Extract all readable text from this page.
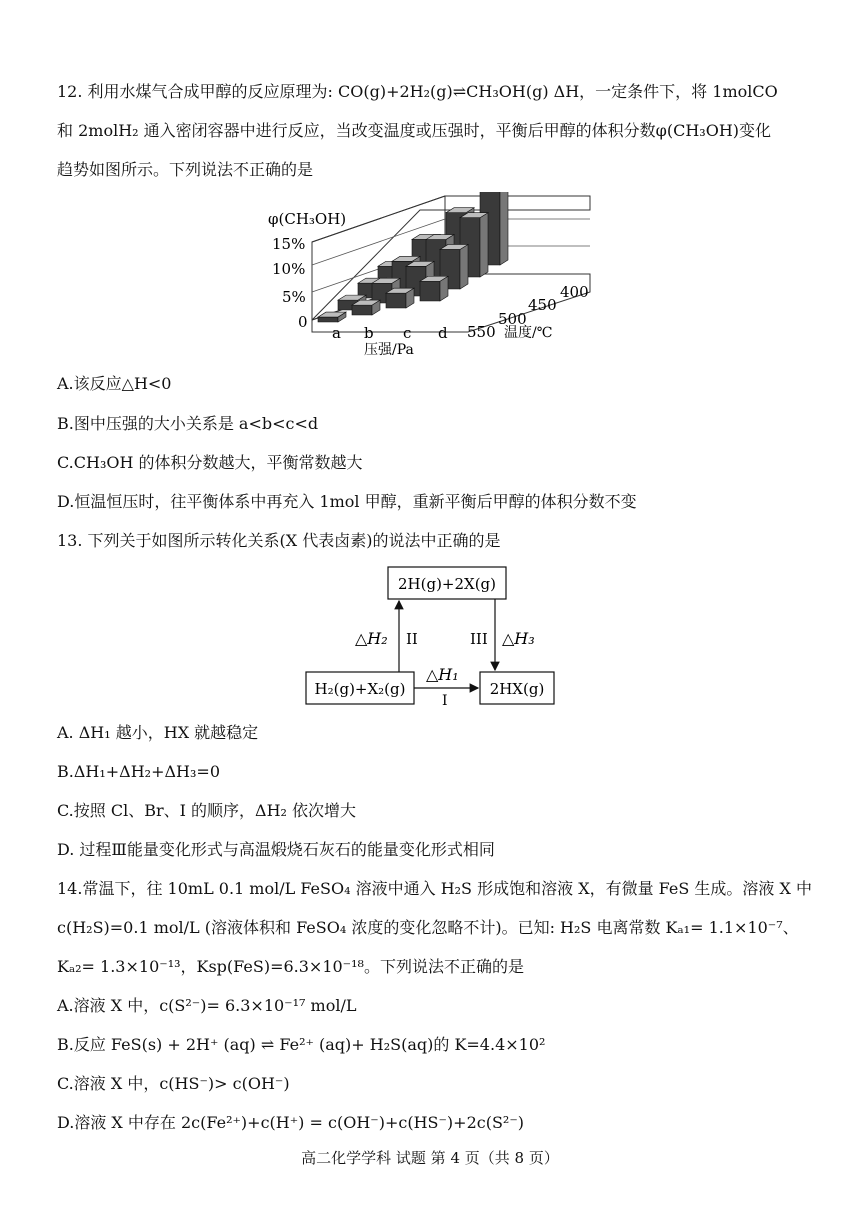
12. 利用水煤气合成甲醇的反应原理为: CO(g)+2H₂(g)⇌CH₃OH(g) ΔH，一定条件下，将 1molCO
和 2molH₂ 通入密闭容器中进行反应，当改变温度或压强时，平衡后甲醇的体积分数φ(CH₃OH)变化
趋势如图所示。下列说法不正确的是
φ(CH₃OH)
15%
10%
5%
0
a b c d
压强/Pa
550
500
450
400
温度/℃
A.该反应△H<0
B.图中压强的大小关系是 a<b<c<d
C.CH₃OH 的体积分数越大，平衡常数越大
D.恒温恒压时，往平衡体系中再充入 1mol 甲醇，重新平衡后甲醇的体积分数不变
13. 下列关于如图所示转化关系(X 代表卤素)的说法中正确的是
2H(g)+2X(g)
H₂(g)+X₂(g)	2HX(g)
△H₂ II	III △H₃
△H₁
I
A. ΔH₁ 越小，HX 就越稳定
B.ΔH₁+ΔH₂+ΔH₃=0
C.按照 Cl、Br、I 的顺序，ΔH₂ 依次增大
D. 过程Ⅲ能量变化形式与高温煅烧石灰石的能量变化形式相同
14.常温下，往 10mL 0.1 mol/L FeSO₄ 溶液中通入 H₂S 形成饱和溶液 X，有微量 FeS 生成。溶液 X 中
c(H₂S)=0.1 mol/L (溶液体积和 FeSO₄ 浓度的变化忽略不计)。已知: H₂S 电离常数 Kₐ₁= 1.1×10⁻⁷、
Kₐ₂= 1.3×10⁻¹³，Ksp(FeS)=6.3×10⁻¹⁸。下列说法不正确的是
A.溶液 X 中，c(S²⁻)= 6.3×10⁻¹⁷ mol/L
B.反应 FeS(s) + 2H⁺ (aq) ⇌ Fe²⁺ (aq)+ H₂S(aq)的 K=4.4×10²
C.溶液 X 中，c(HS⁻)> c(OH⁻)
D.溶液 X 中存在 2c(Fe²⁺)+c(H⁺) = c(OH⁻)+c(HS⁻)+2c(S²⁻)
高二化学学科 试题 第 4 页（共 8 页）
